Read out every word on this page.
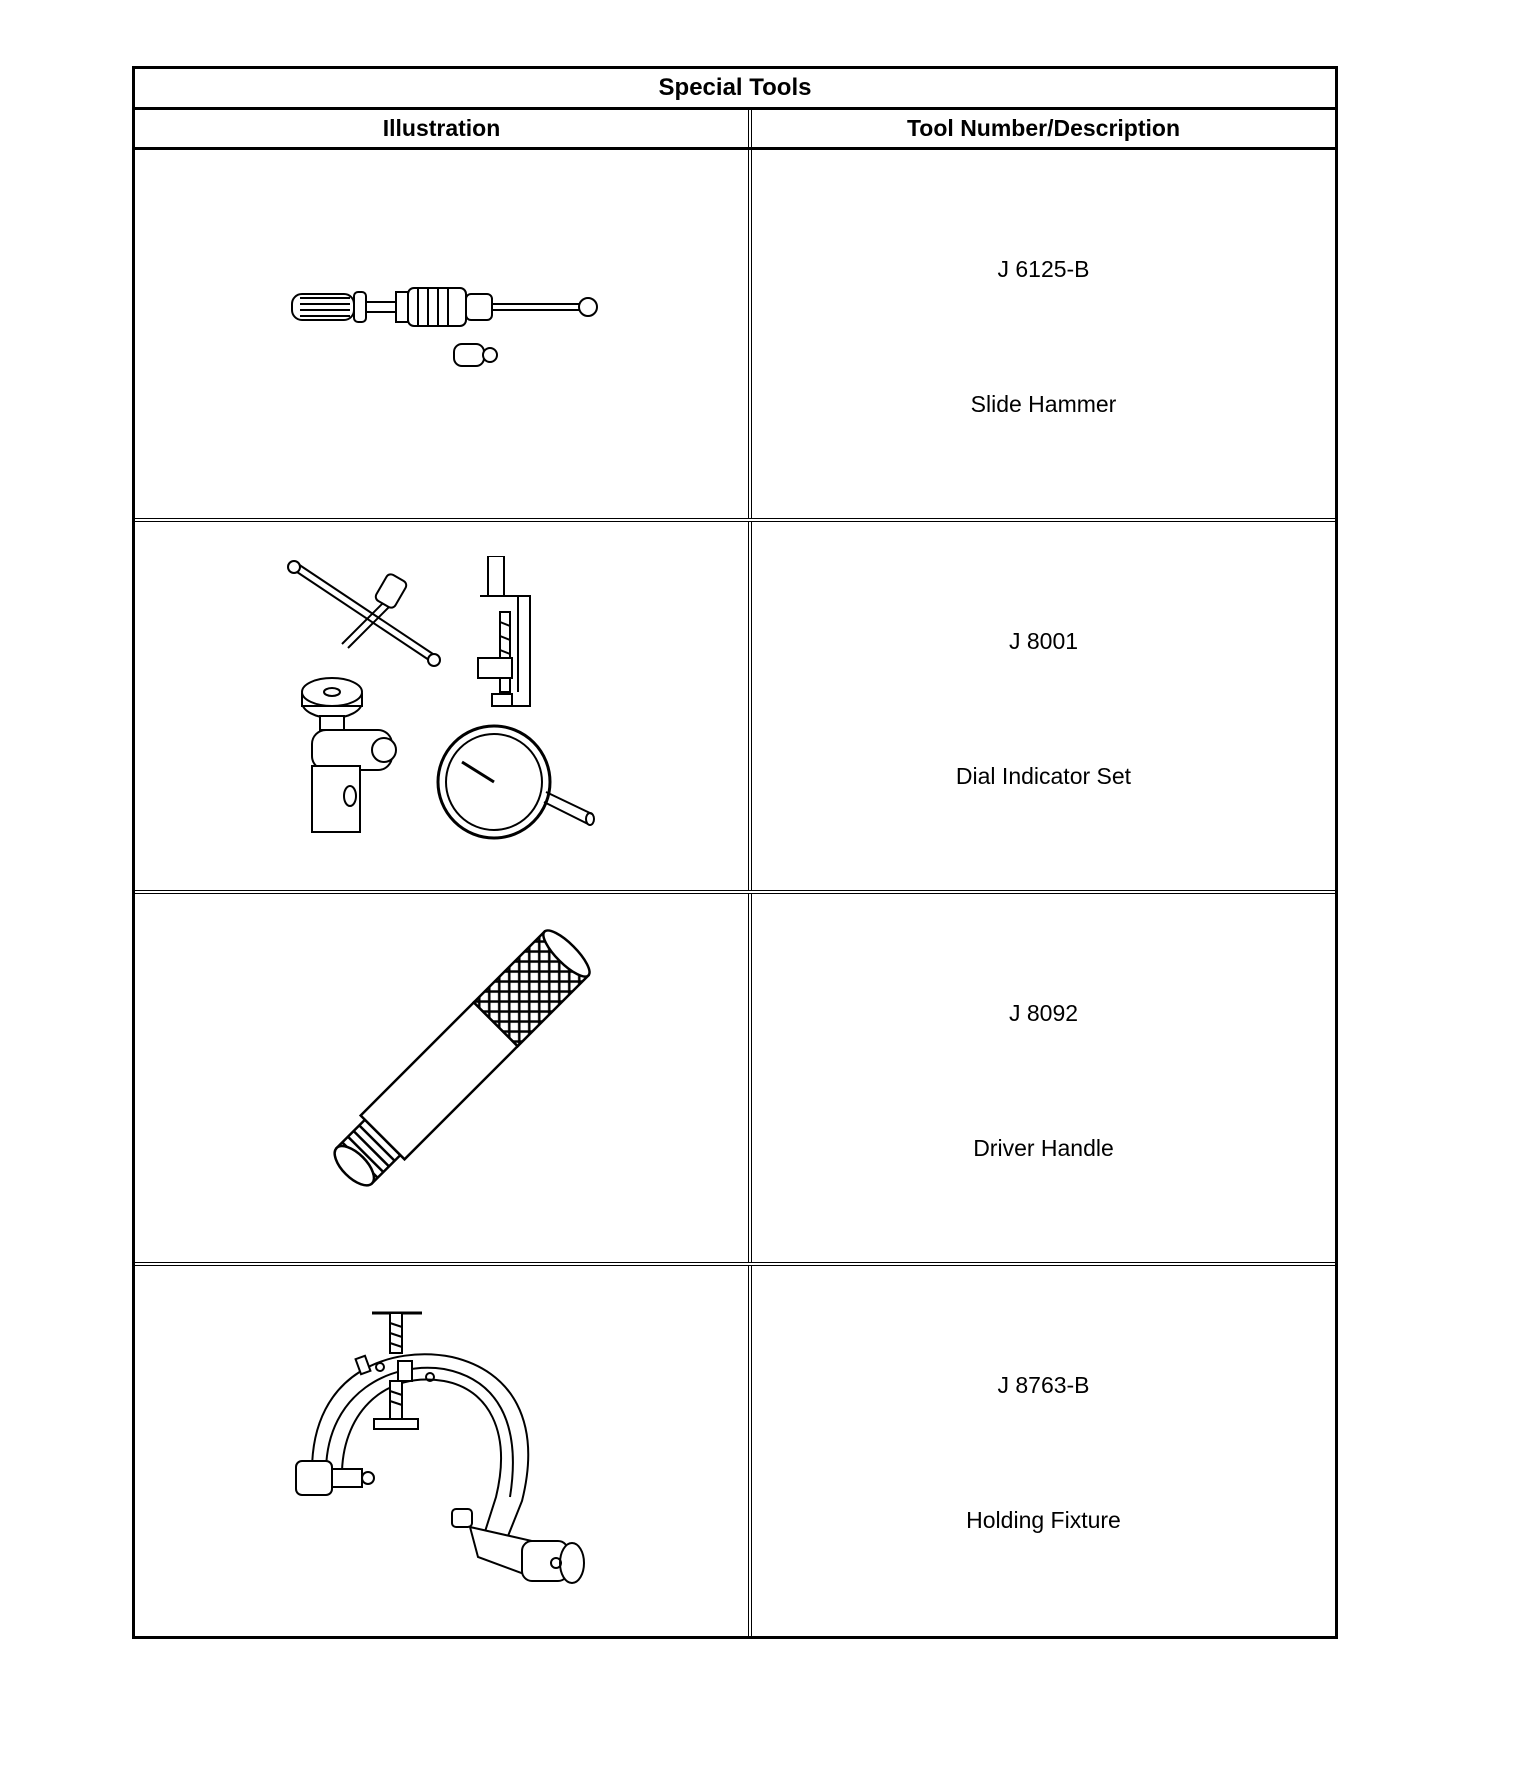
Special Tools
Illustration	Tool Number/Description
J 6125-B
Slide Hammer
J 8001
Dial Indicator Set
J 8092
Driver Handle
J 8763-B
Holding Fixture
